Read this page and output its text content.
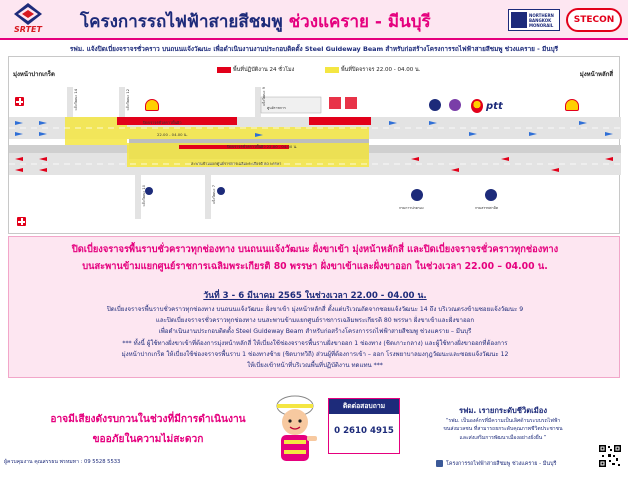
SRTET โครงการรถไฟฟ้าสายสีชมพู ช่วงแคราย - มีนบุรี	NORTHERN BANGKOK MONORAIL
STECON
รฟม. แจ้งปิดเบี่ยงจราจรชั่วคราว บนถนนแจ้งวัฒนะ เพื่อดำเนินงานงานประกอบติดตั้ง Steel Guideway Beam สำหรับก่อสร้างโครงการรถไฟฟ้าสายสีชมพู ช่วงแคราย - มีนบุรี
มุ่งหน้าปากเกร็ด	มุ่งหน้าหลักสี่
พื้นที่ปฏิบัติงาน 24 ชั่วโมง	พื้นที่ปิดจราจร 22.00 - 04.00 น.
ปิดจราจรชั่วคราวพื้นผิว
22.00 - 04.00 น.
ปิดจราจรชั่วคราวพื้นผิว 22.00 - 04.00 น.
สะพานข้ามแยกศูนย์ราชการเฉลิมพระเกียรติ 80 พรรษา
แจ้งวัฒนะ 14	แจ้งวัฒนะ 12	แจ้งวัฒนะ 9
แจ้งวัฒนะ 10	แจ้งวัฒนะ 7
ศูนย์ราชการ
กรมการปกครอง	กรมสรรพสามิต
ptt
ปิดเบี่ยงจราจรพื้นราบชั่วคราวทุกช่องทาง บนถนนแจ้งวัฒนะ ฝั่งขาเข้า มุ่งหน้าหลักสี่ และปิดเบี่ยงจราจรชั่วคราวทุกช่องทาง
บนสะพานข้ามแยกศูนย์ราชการเฉลิมพระเกียรติ 80 พรรษา ฝั่งขาเข้าและฝั่งขาออก ในช่วงเวลา 22.00 – 04.00 น.
วันที่ 3 - 6 มีนาคม 2565 ในช่วงเวลา 22.00 - 04.00 น.
ปิดเบี่ยงจราจรพื้นราบชั่วคราวทุกช่องทาง บนถนนแจ้งวัฒนะ ฝั่งขาเข้า มุ่งหน้าหลักสี่ ตั้งแต่บริเวณถัดจากซอยแจ้งวัฒนะ 14 ถึง บริเวณตรงข้ามซอยแจ้งวัฒนะ 9
และปิดเบี่ยงจราจรชั่วคราวทุกช่องทาง บนสะพานข้ามแยกศูนย์ราชการเฉลิมพระเกียรติ 80 พรรษา ฝั่งขาเข้าและฝั่งขาออก
เพื่อดำเนินงานประกอบติดตั้ง Steel Guideway Beam สำหรับก่อสร้างโครงการรถไฟฟ้าสายสีชมพู ช่วงแคราย – มีนบุรี
*** ทั้งนี้ ผู้ใช้ทางฝั่งขาเข้าที่ต้องการมุ่งหน้าหลักสี่ ให้เบี่ยงใช้ช่องจราจรพื้นราบฝั่งขาออก 1 ช่องทาง (ชิดเกาะกลาง) และผู้ใช้ทางฝั่งขาออกที่ต้องการ
มุ่งหน้าปากเกร็ด ให้เบี่ยงใช้ช่องจราจรพื้นราบ 1 ช่องทางซ้าย (ชิดบาทวิถี) ส่วนผู้ที่ต้องการเข้า – ออก โรงพยาบาลมงกุฎวัฒนะและซอยแจ้งวัฒนะ 12
ให้เบี่ยงเข้าหน้าที่บริเวณพื้นที่ปฏิบัติงาน ทดแทน ***
อาจมีเสียงดังรบกวนในช่วงที่มีการดำเนินงาน
ขออภัยในความไม่สะดวก
ผู้ควบคุมงาน คุณสรรธน พรหมทา : 09 5528 5533
ติดต่อสอบถาม
0 2610 4915
รฟม. เรายกระดับชีวิตเมือง
“รฟม. เป็นองค์กรที่มีความเป็นเลิศด้านระบบรถไฟฟ้า
ขนส่งมวลชน ที่สามารถยกระดับคุณภาพชีวิตประชาชน
และส่งเสริมการพัฒนาเมืองอย่างยั่งยืน ”
โครงการรถไฟฟ้าสายสีชมพู ช่วงแคราย - มีนบุรี
